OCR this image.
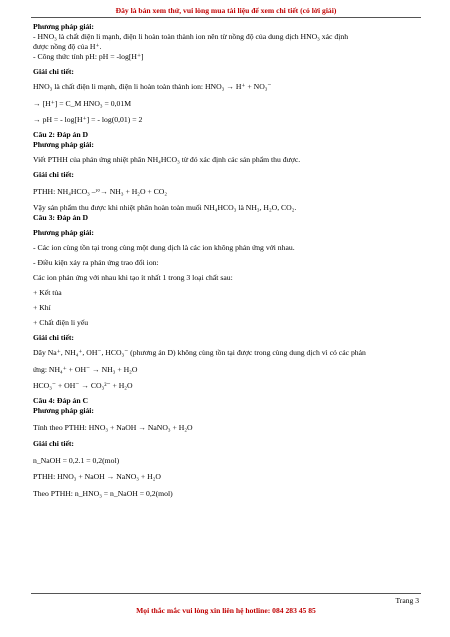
Đây là bản xem thử, vui lòng mua tài liệu để xem chi tiết (có lời giải)

Phương pháp giải:

- HNO₃ là chất điện li mạnh, điện li hoàn toàn thành ion nên từ nồng độ của dung dịch HNO₃ xác định

được nồng độ của H⁺.

- Công thức tính pH: pH = -log[H⁺]

Giải chi tiết:

HNO₃ là chất điện li mạnh, điện li hoàn toàn thành ion: HNO₃ → H⁺ + NO₃⁻

→ [H⁺] = C_M HNO₃ = 0,01M

→ pH = - log[H⁺] = - log(0,01) = 2

Câu 2: Đáp án D

Phương pháp giải:

Viết PTHH của phản ứng nhiệt phân NH₄HCO₃ từ đó xác định các sản phẩm thu được.

Giải chi tiết:

PTHH: NH₄HCO₃ –ᵗ°→ NH₃ + H₂O + CO₂

Vậy sản phẩm thu được khi nhiệt phân hoàn toàn muối NH₄HCO₃ là NH₃, H₂O, CO₂.

Câu 3: Đáp án D

Phương pháp giải:

- Các ion cùng tồn tại trong cùng một dung dịch là các ion không phản ứng với nhau.

- Điều kiện xảy ra phản ứng trao đổi ion:

Các ion phản ứng với nhau khi tạo ít nhất 1 trong 3 loại chất sau:

+ Kết tủa

+ Khí

+ Chất điện li yếu

Giải chi tiết:

Dãy Na⁺, NH₄⁺, OH⁻, HCO₃⁻ (phương án D) không cùng tồn tại được trong cùng dung dịch vì có các phản

ứng: NH₄⁺ + OH⁻ → NH₃ + H₂O

HCO₃⁻ + OH⁻ → CO₃²⁻ + H₂O

Câu 4: Đáp án C

Phương pháp giải:

Tính theo PTHH: HNO₃ + NaOH → NaNO₃ + H₂O

Giải chi tiết:

n_NaOH = 0,2.1 = 0,2(mol)

PTHH: HNO₃ + NaOH → NaNO₃ + H₂O

Theo PTHH: n_HNO₃ = n_NaOH = 0,2(mol)

Trang 3
Mọi thắc mắc vui lòng xin liên hệ hotline: 084 283 45 85
